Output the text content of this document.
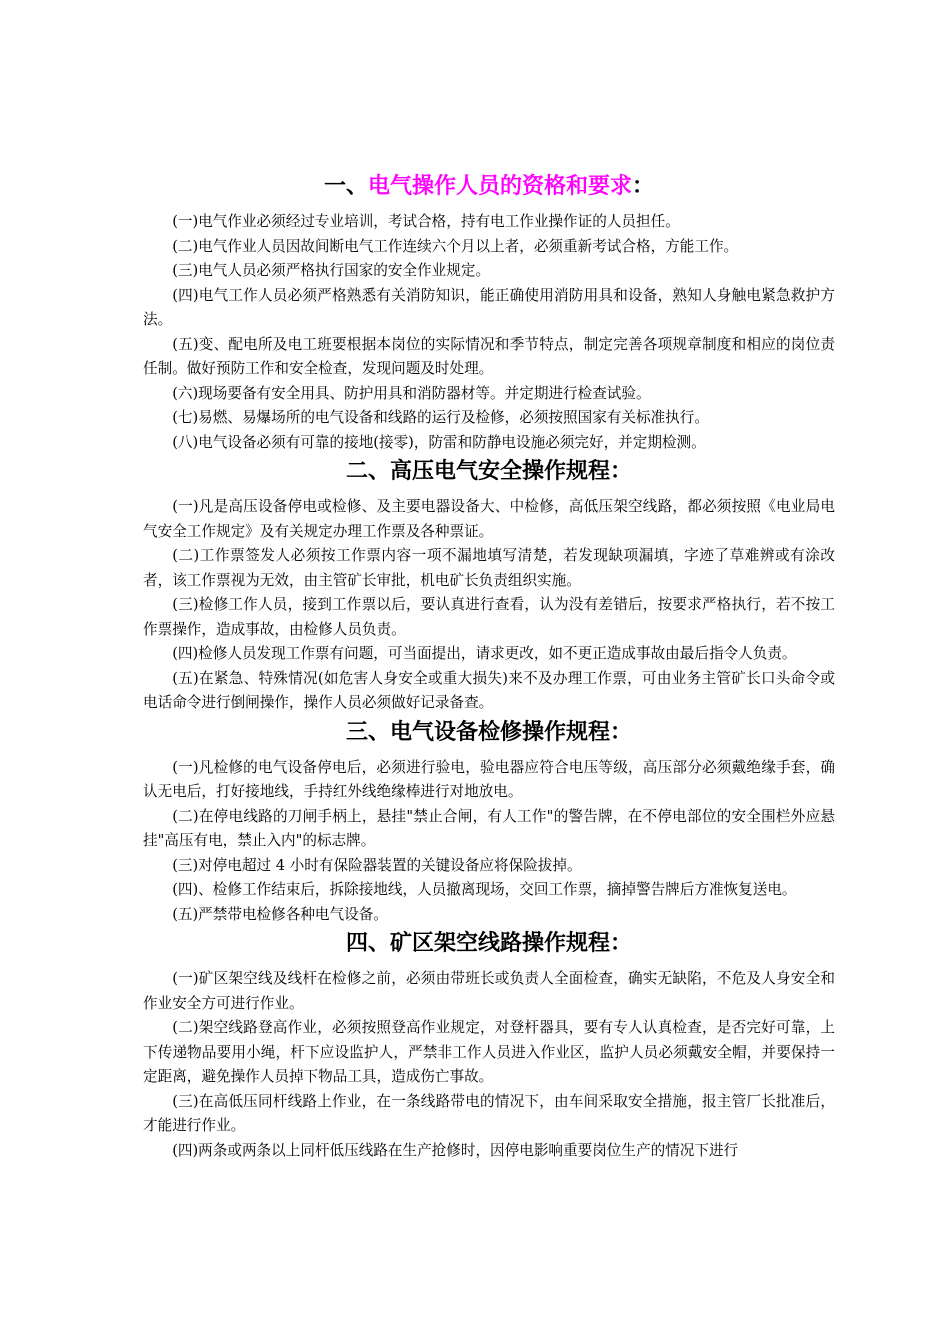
一、电气操作人员的资格和要求：

(一)电气作业必须经过专业培训，考试合格，持有电工作业操作证的人员担任。

(二)电气作业人员因故间断电气工作连续六个月以上者，必须重新考试合格，方能工作。

(三)电气人员必须严格执行国家的安全作业规定。

(四)电气工作人员必须严格熟悉有关消防知识，能正确使用消防用具和设备，熟知人身触电紧急救护方法。

(五)变、配电所及电工班要根据本岗位的实际情况和季节特点，制定完善各项规章制度和相应的岗位责任制。做好预防工作和安全检查，发现问题及时处理。

(六)现场要备有安全用具、防护用具和消防器材等。并定期进行检查试验。

(七)易燃、易爆场所的电气设备和线路的运行及检修，必须按照国家有关标准执行。

(八)电气设备必须有可靠的接地(接零)，防雷和防静电设施必须完好，并定期检测。

二、高压电气安全操作规程：

(一)凡是高压设备停电或检修、及主要电器设备大、中检修，高低压架空线路，都必须按照《电业局电气安全工作规定》及有关规定办理工作票及各种票证。

(二)工作票签发人必须按工作票内容一项不漏地填写清楚，若发现缺项漏填，字迹了草难辨或有涂改者，该工作票视为无效，由主管矿长审批，机电矿长负责组织实施。

(三)检修工作人员，接到工作票以后，要认真进行查看，认为没有差错后，按要求严格执行，若不按工作票操作，造成事故，由检修人员负责。

(四)检修人员发现工作票有问题，可当面提出，请求更改，如不更正造成事故由最后指令人负责。

(五)在紧急、特殊情况(如危害人身安全或重大损失)来不及办理工作票，可由业务主管矿长口头命令或电话命令进行倒闸操作，操作人员必须做好记录备查。

三、电气设备检修操作规程：

(一)凡检修的电气设备停电后，必须进行验电，验电器应符合电压等级，高压部分必须戴绝缘手套，确认无电后，打好接地线，手持红外线绝缘棒进行对地放电。

(二)在停电线路的刀闸手柄上，悬挂"禁止合闸，有人工作"的警告牌，在不停电部位的安全围栏外应悬挂"高压有电，禁止入内"的标志牌。

(三)对停电超过 4 小时有保险器装置的关键设备应将保险拔掉。

(四)、检修工作结束后，拆除接地线，人员撤离现场，交回工作票，摘掉警告牌后方准恢复送电。

(五)严禁带电检修各种电气设备。

四、矿区架空线路操作规程：

(一)矿区架空线及线杆在检修之前，必须由带班长或负责人全面检查，确实无缺陷，不危及人身安全和作业安全方可进行作业。

(二)架空线路登高作业，必须按照登高作业规定，对登杆器具，要有专人认真检查，是否完好可靠，上下传递物品要用小绳，杆下应设监护人，严禁非工作人员进入作业区，监护人员必须戴安全帽，并要保持一定距离，避免操作人员掉下物品工具，造成伤亡事故。

(三)在高低压同杆线路上作业，在一条线路带电的情况下，由车间采取安全措施，报主管厂长批准后，才能进行作业。

(四)两条或两条以上同杆低压线路在生产抢修时，因停电影响重要岗位生产的情况下进行
